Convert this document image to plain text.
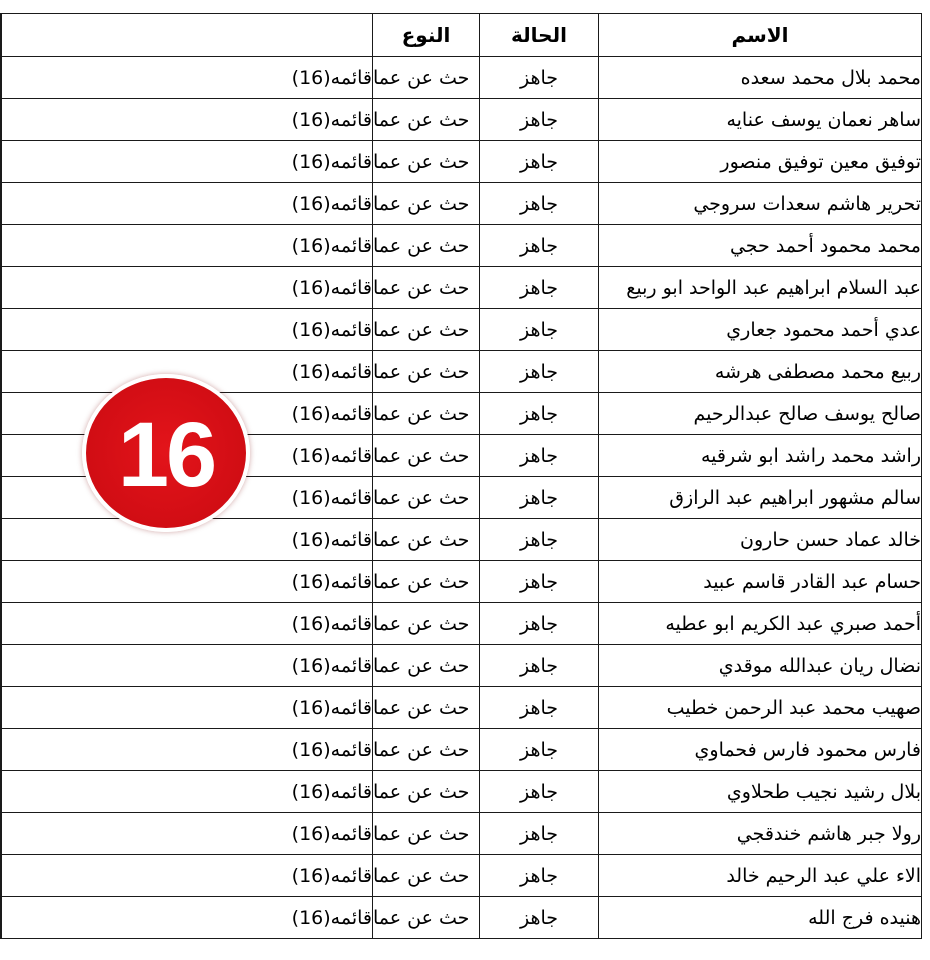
	النوع	الحالة	الاسم

قائمه(16)	حث عن عما	جاهز	محمد بلال محمد سعده

قائمه(16)	حث عن عما	جاهز	ساهر نعمان يوسف عنايه

قائمه(16)	حث عن عما	جاهز	توفيق معين توفيق منصور

قائمه(16)	حث عن عما	جاهز	تحرير هاشم سعدات سروجي

قائمه(16)	حث عن عما	جاهز	محمد محمود أحمد حجي

قائمه(16)	حث عن عما	جاهز	عبد السلام ابراهيم عبد الواحد ابو ربيع

قائمه(16)	حث عن عما	جاهز	عدي أحمد محمود جعاري

قائمه(16)	حث عن عما	جاهز	ربيع محمد مصطفى هرشه

قائمه(16)	حث عن عما	جاهز	صالح يوسف صالح عبدالرحيم

قائمه(16)	حث عن عما	جاهز	راشد محمد راشد ابو شرقيه

قائمه(16)	حث عن عما	جاهز	سالم مشهور ابراهيم عبد الرازق

قائمه(16)	حث عن عما	جاهز	خالد عماد حسن حارون

قائمه(16)	حث عن عما	جاهز	حسام عبد القادر قاسم عبيد

قائمه(16)	حث عن عما	جاهز	أحمد صبري عبد الكريم ابو عطيه

قائمه(16)	حث عن عما	جاهز	نضال ريان عبدالله موقدي

قائمه(16)	حث عن عما	جاهز	صهيب محمد عبد الرحمن خطيب

قائمه(16)	حث عن عما	جاهز	فارس محمود فارس فحماوي

قائمه(16)	حث عن عما	جاهز	بلال رشيد نجيب طحلاوي

قائمه(16)	حث عن عما	جاهز	رولا جبر هاشم خندقجي

قائمه(16)	حث عن عما	جاهز	الاء علي عبد الرحيم خالد

قائمه(16)	حث عن عما	جاهز	هنيده فرج الله
16
